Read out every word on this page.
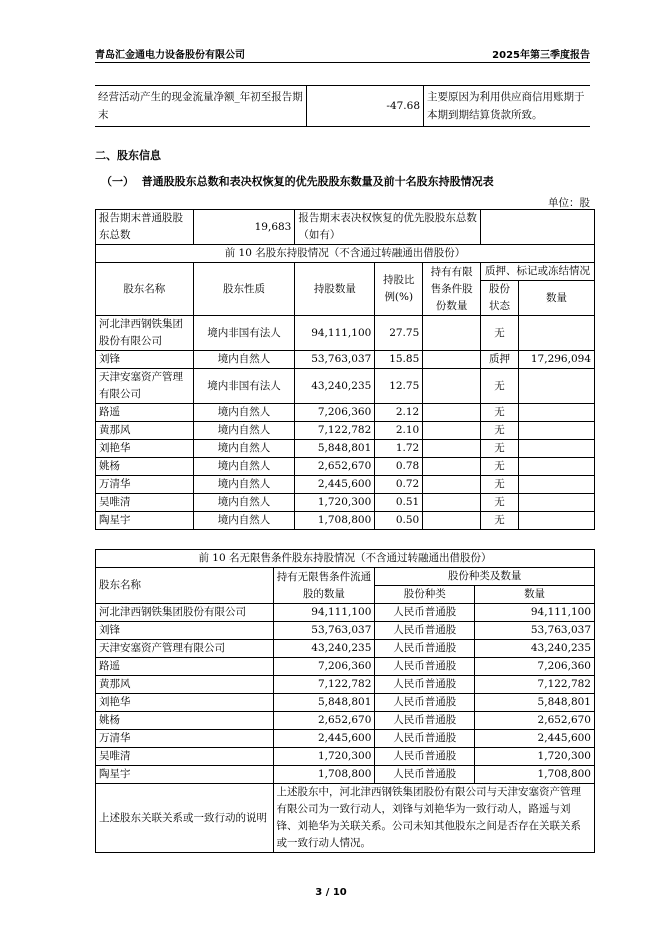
青岛汇金通电力设备股份有限公司	2025年第三季度报告
经营活动产生的现金流量净额_年初至报告期末	-47.68	主要原因为利用供应商信用账期于本期到期结算货款所致。
二、股东信息
（一）  普通股股东总数和表决权恢复的优先股股东数量及前十名股东持股情况表
单位：股
报告期末普通股股东总数	19,683	报告期末表决权恢复的优先股股东总数（如有）				
前 10 名股东持股情况（不含通过转融通出借股份）						
股东名称	股东性质	持股数量	持股比例(%)	持有有限售条件股份数量	质押、标记或冻结情况	
					股份状态	数量
河北津西钢铁集团股份有限公司	境内非国有法人	94,111,100	27.75		无	
刘锋	境内自然人	53,763,037	15.85		质押	17,296,094
天津安塞资产管理有限公司	境内非国有法人	43,240,235	12.75		无	
路遥	境内自然人	7,206,360	2.12		无	
黄那风	境内自然人	7,122,782	2.10		无	
刘艳华	境内自然人	5,848,801	1.72		无	
姚杨	境内自然人	2,652,670	0.78		无	
万清华	境内自然人	2,445,600	0.72		无	
吴唯清	境内自然人	1,720,300	0.51		无	
陶星宇	境内自然人	1,708,800	0.50		无	
前 10 名无限售条件股东持股情况（不含通过转融通出借股份）			
股东名称	持有无限售条件流通股的数量	股份种类及数量	
		股份种类	数量
河北津西钢铁集团股份有限公司	94,111,100	人民币普通股	94,111,100
刘锋	53,763,037	人民币普通股	53,763,037
天津安塞资产管理有限公司	43,240,235	人民币普通股	43,240,235
路遥	7,206,360	人民币普通股	7,206,360
黄那风	7,122,782	人民币普通股	7,122,782
刘艳华	5,848,801	人民币普通股	5,848,801
姚杨	2,652,670	人民币普通股	2,652,670
万清华	2,445,600	人民币普通股	2,445,600
吴唯清	1,720,300	人民币普通股	1,720,300
陶星宇	1,708,800	人民币普通股	1,708,800
上述股东关联关系或一致行动的说明	上述股东中，河北津西钢铁集团股份有限公司与天津安塞资产管理有限公司为一致行动人，刘锋与刘艳华为一致行动人，路遥与刘锋、刘艳华为关联关系。公司未知其他股东之间是否存在关联关系或一致行动人情况。		
3 / 10
